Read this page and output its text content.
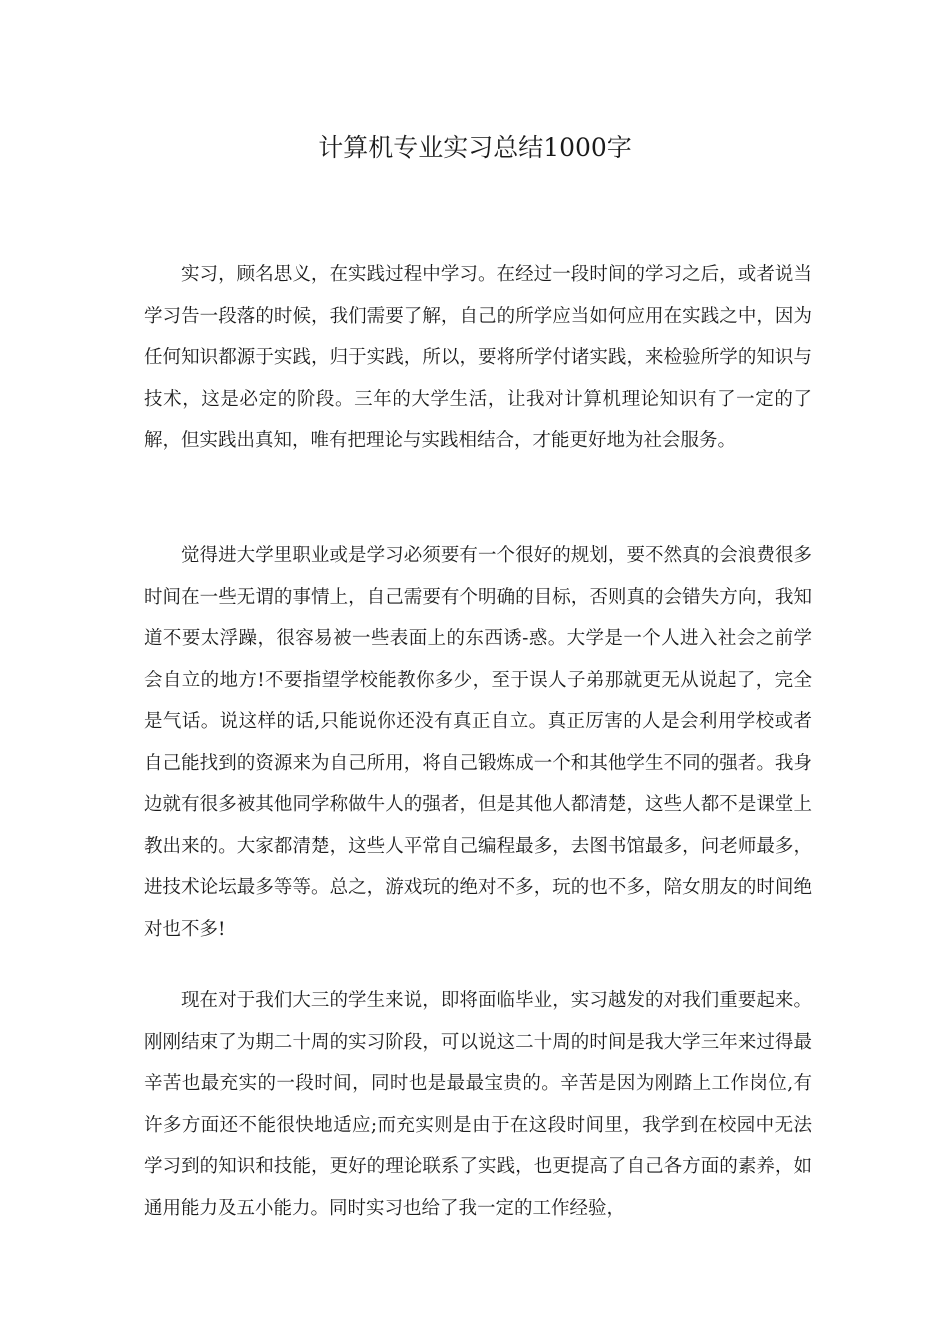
计算机专业实习总结1000字

实习，顾名思义，在实践过程中学习。在经过一段时间的学习之后，或者说当学习告一段落的时候，我们需要了解，自己的所学应当如何应用在实践之中，因为任何知识都源于实践，归于实践，所以，要将所学付诸实践，来检验所学的知识与技术，这是必定的阶段。三年的大学生活，让我对计算机理论知识有了一定的了解，但实践出真知，唯有把理论与实践相结合，才能更好地为社会服务。

觉得进大学里职业或是学习必须要有一个很好的规划，要不然真的会浪费很多时间在一些无谓的事情上，自己需要有个明确的目标，否则真的会错失方向，我知道不要太浮躁，很容易被一些表面上的东西诱-惑。大学是一个人进入社会之前学会自立的地方!不要指望学校能教你多少，至于误人子弟那就更无从说起了，完全是气话。说这样的话,只能说你还没有真正自立。真正厉害的人是会利用学校或者自己能找到的资源来为自己所用，将自己锻炼成一个和其他学生不同的强者。我身边就有很多被其他同学称做牛人的强者，但是其他人都清楚，这些人都不是课堂上教出来的。大家都清楚，这些人平常自己编程最多，去图书馆最多，问老师最多，进技术论坛最多等等。总之，游戏玩的绝对不多，玩的也不多，陪女朋友的时间绝对也不多!

现在对于我们大三的学生来说，即将面临毕业，实习越发的对我们重要起来。刚刚结束了为期二十周的实习阶段，可以说这二十周的时间是我大学三年来过得最辛苦也最充实的一段时间，同时也是最最宝贵的。辛苦是因为刚踏上工作岗位,有许多方面还不能很快地适应;而充实则是由于在这段时间里，我学到在校园中无法学习到的知识和技能，更好的理论联系了实践，也更提高了自己各方面的素养，如通用能力及五小能力。同时实习也给了我一定的工作经验，
